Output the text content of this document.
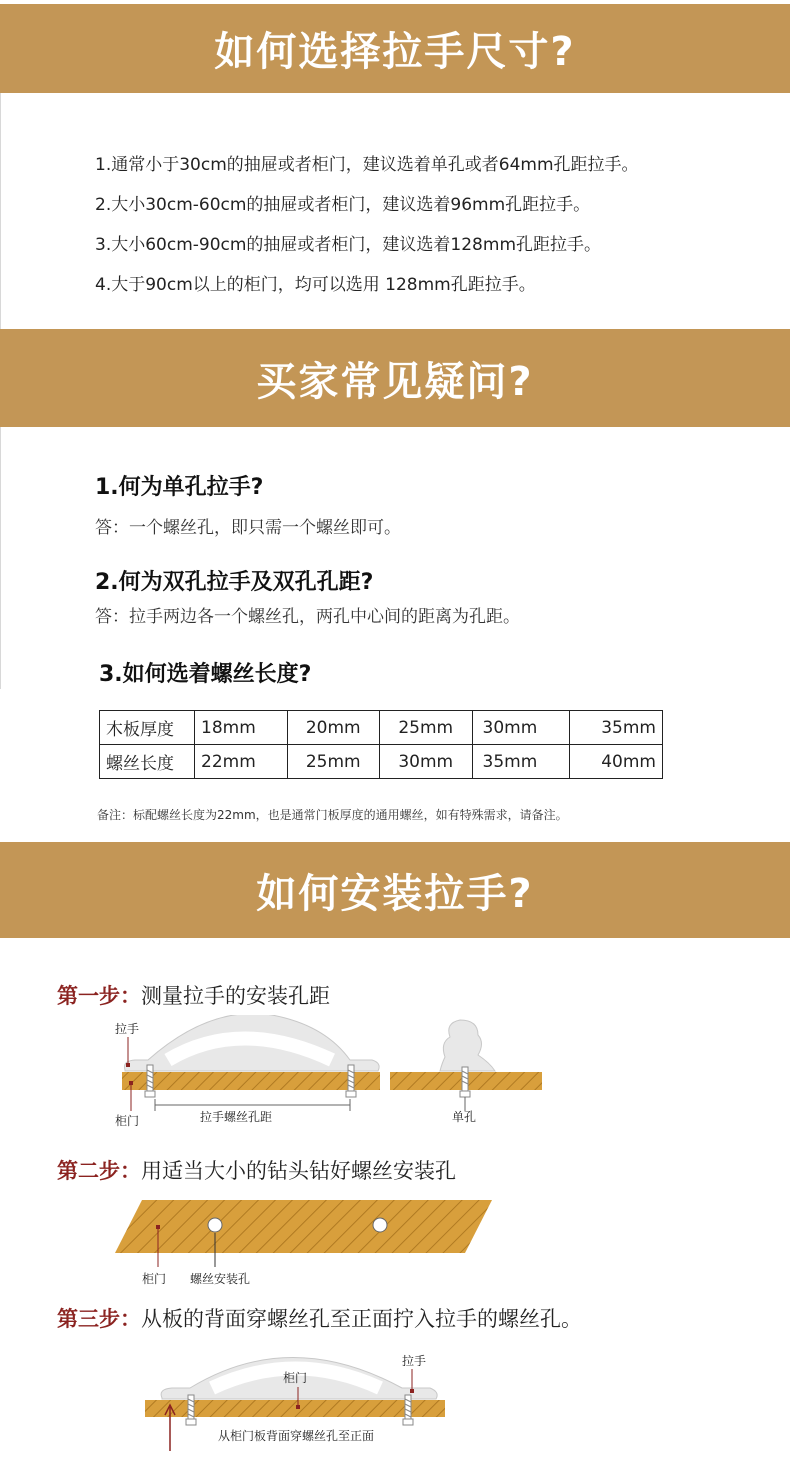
如何选择拉手尺寸?
1.通常小于30cm的抽屉或者柜门，建议选着单孔或者64mm孔距拉手。
2.大小30cm-60cm的抽屉或者柜门，建议选着96mm孔距拉手。
3.大小60cm-90cm的抽屉或者柜门，建议选着128mm孔距拉手。
4.大于90cm以上的柜门，均可以选用 128mm孔距拉手。
买家常见疑问?
1.何为单孔拉手?
答：一个螺丝孔，即只需一个螺丝即可。
2.何为双孔拉手及双孔孔距?
答：拉手两边各一个螺丝孔，两孔中心间的距离为孔距。
3.如何选着螺丝长度?
木板厚度	18mm	20mm	25mm	30mm	35mm
螺丝长度	22mm	25mm	30mm	35mm	40mm
备注：标配螺丝长度为22mm，也是通常门板厚度的通用螺丝，如有特殊需求，请备注。
如何安装拉手?
第一步：测量拉手的安装孔距
拉手螺丝孔距
拉手
柜门	单孔
第二步：用适当大小的钻头钻好螺丝安装孔
柜门 螺丝安装孔
第三步：从板的背面穿螺丝孔至正面拧入拉手的螺丝孔。
柜门
拉手
从柜门板背面穿螺丝孔至正面
